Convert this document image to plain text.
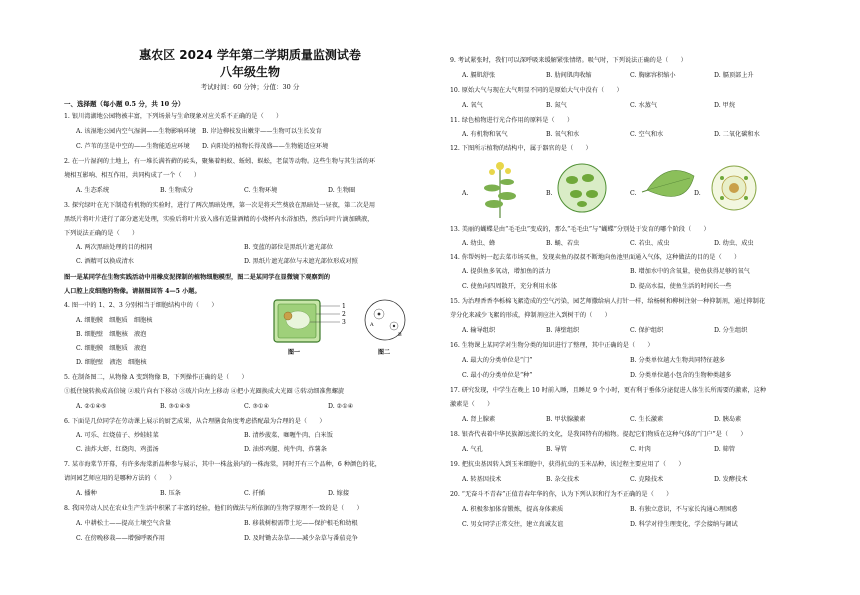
惠农区 2024 学年第二学期质量监测试卷
八年级生物
考试时间：60 分钟；分值：30 分
一、选择题（每小题 0.5 分，共 10 分）
1. 银川湾湖地公园物被丰富，下列场景与生命现象对应关系不正确的是（　　）
A. 该湿地公园内空气湿润——生物影响环境　B. 岸边柳枝发出嫩芽——生物可以生长发育
C. 芦苇的茎是中空的——生物能适应环境　　D. 向阳处的植物长得茂盛——生物能适应环境
2. 在一片湿润的土地上，有一堆长满苔藓的砖头，聚集着蚂蚁、蚯蚓、蜈蚣，老鼠等动物。这些生物与其生活的环
境相互影响、相互作用，共同构成了一个（　　）
A. 生态系统	B. 生物成分	C. 生物环境	D. 生物圈
3. 探究绿叶在光下制造有机物的实验时，进行了两次黑暗处理，第一次是将天竺葵放在黑暗处一昼夜，第二次是用
黑纸片将叶片进行了部分遮光处理，实验后将叶片放入盛有适量酒精的小烧杯内水浴加热，然后向叶片滴加碘液，
下列说法正确的是（　　）
A. 两次黑暗处理的目的相同	B. 变蓝的部位是黑纸片遮光部位
C. 酒精可以换成清水	D. 黑纸片遮光部位与未遮光部位形成对照
图一是某同学在生物实践活动中用橡皮泥探制的植物细胞模型，图二是某同学在显微镜下观察到的
人口腔上皮细胞的物像。请据图回答 4—5 小题。
4. 图一中的 1、2、3 分别相当于细胞结构中的（　　）
A. 细胞膜　 细胞质　 细胞核
B. 细胞壁　 细胞核　 液泡
C. 细胞膜　 细胞质　 液泡
D. 细胞壁　 液泡　 细胞核
1
2
3
图一
A
B
图二
5. 在制备图二，从物像 A 变到物像 B，下列操作正确的是（　　）
①抵住镜转换成高倍镜 ②玻片向右下移动 ③玻片向左上移动 ④把小光圈换成大光圈 ⑤转动细准焦螺旋
A. ②①④⑤	B. ③①④⑤	C. ③①④	D. ②①④
6. 下面是几位同学在劳动课上展示的厨艺成果，从合理膳食角度考虑搭配最为合理的是（　　）
A. 可乐、红烧茄子、炒蛙蛙菜	B. 清炒菠菜、咖喱牛肉、白米饭
C. 油炸大虾、红烧肉、鸡蛋汤	D. 油炸鸡腿、炖牛肉、炸薯条
7. 某市海棠节开幕，有许多海棠新品种参与展示，其中一株盆景内的一株海棠，同时开有三个品种，6 种颜色的花，
请问园艺师应用的是哪种方法的（　　）
A. 播种	B. 压条	C. 扦插	D. 嫁接
8. 我国劳动人民在农业生产生活中积累了丰富的经验，他们的做法与所依据的生物学原理不一致的是（　　）
A. 中耕松土——提高土壤空气含量	B. 移栽树根需带土坨——保护根毛和幼根
C. 在傍晚移栽——增强呼吸作用	D. 及时锄去杂草——减少杂草与番茄竞争
9. 考试紧张时，我们可以深呼吸来缓解紧张情绪。吸气时，下列说法正确的是（　　）
A. 膈肌舒张	B. 肋间肌肉收缩	C. 胸廓容积缩小	D. 膈顶部上升
10. 原始大气与现在大气明显不同的是原始大气中没有（　　）
A. 氧气	B. 氮气	C. 水蒸气	D. 甲烷
11. 绿色植物进行光合作用的原料是（　　）
A. 有机物和氧气	B. 氧气和水	C. 空气和水	D. 二氧化碳和水
12. 下图所示植物的结构中，属于器官的是（　　）
A.	B.	C.	D.
13. 美丽的蝴蝶是由“毛毛虫”变成的，那么“毛毛虫”与“蝴蝶”分别处于发育的哪个阶段（　　）
A. 幼虫、蜂	B. 蛹、若虫	C. 若虫、成虫	D. 幼虫、成虫
14. 你帮妈妈一起去菜市场买鱼，发现卖鱼的叔叔不断地向鱼池里面通入气体，这种做法的目的是（　　）
A. 提供鱼多氧动，增加鱼的活力	B. 增加水中的含氧量，使鱼获得足够的氧气
C. 使鱼向四周散开，充分利用水体	D. 提高水温，使鱼生活的时间长一些
15. 为治理香香李栎棉飞絮造成的空气污染，园艺师撒给病人打针一样，给杨树和柳树注射一种抑制剂，通过抑制花
芽分化来减少飞絮的形成，抑制剂应注入到树干的（　　）
A. 输导组织	B. 薄壁组织	C. 保护组织	D. 分生组织
16. 生物课上某同学对生物分类的知识进行了整理，其中正确的是（　　）
A. 最大的分类单位是“门”	B. 分类单位越大生物共同特征越多
C. 最小的分类单位是“种”	D. 分类单位越小包含的生物种类越多
17. 研究发现，中学生在晚上 10 时前入睡，且睡足 9 个小时，更有利于垂体分泌促进人体生长所需要的激素，这种
激素是（　　）
A. 肾上腺素	B. 甲状腺激素	C. 生长激素	D. 胰岛素
18. 银杏代表着中华民族源远流长的文化，是我国特有的植物。提起它们物质在这种气体的“门户”是（　　）
A. 气孔	B. 导管	C. 叶肉	D. 筛管
19. 把抗虫基因转入到玉米细胞中，获得抗虫的玉米品种，该过程主要应用了（　　）
A. 转基因技术	B. 杂交技术	C. 克隆技术	D. 发酵技术
20. “无奋斗不青春”正值青春年华的你，认为下列认识和行为不正确的是（　　）
A. 积极参加体育锻炼，提高身体素质	B. 有独立意识，不与家长沟通心理困惑
C. 男女同学正常交往，建立真诚友谊	D. 科学对待生理变化，学会接纳与调试
